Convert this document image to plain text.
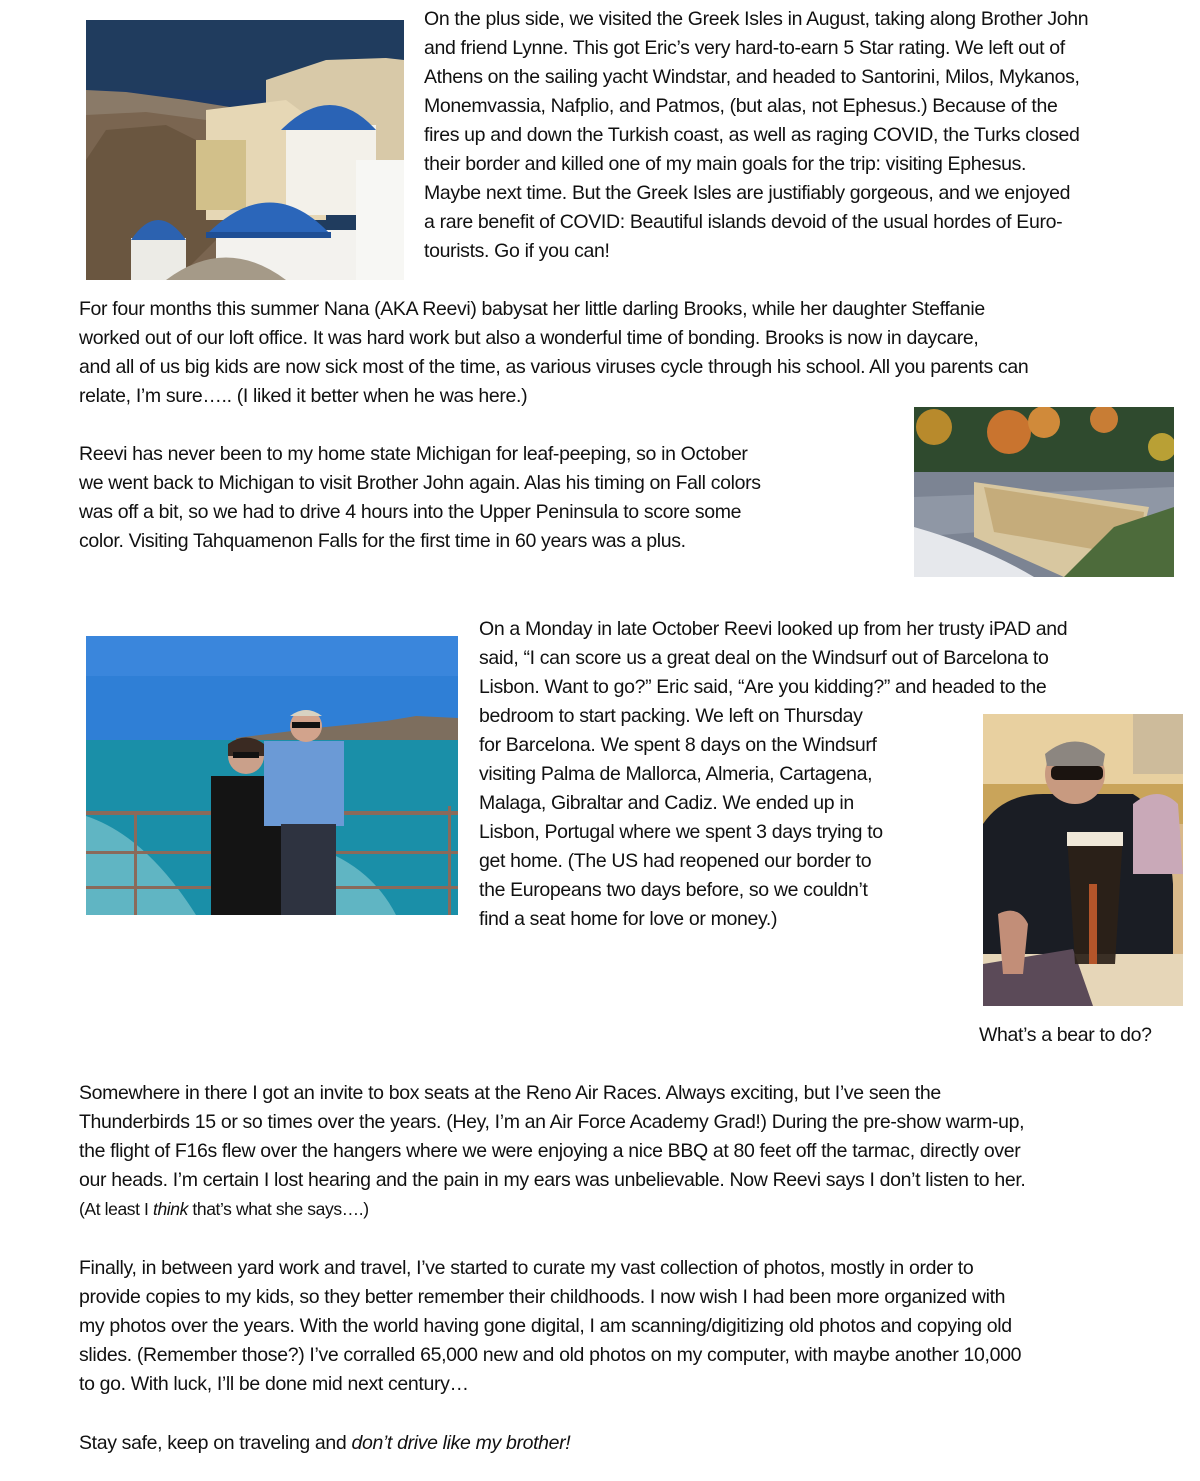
On the plus side, we visited the Greek Isles in August, taking along Brother John
and friend Lynne. This got Eric’s very hard-to-earn 5 Star rating. We left out of
Athens on the sailing yacht Windstar, and headed to Santorini, Milos, Mykanos,
Monemvassia, Nafplio, and Patmos, (but alas, not Ephesus.) Because of the
fires up and down the Turkish coast, as well as raging COVID, the Turks closed
their border and killed one of my main goals for the trip: visiting Ephesus.
Maybe next time. But the Greek Isles are justifiably gorgeous, and we enjoyed
a rare benefit of COVID: Beautiful islands devoid of the usual hordes of Euro-
tourists. Go if you can!
For four months this summer Nana (AKA Reevi) babysat her little darling Brooks, while her daughter Steffanie
worked out of our loft office. It was hard work but also a wonderful time of bonding. Brooks is now in daycare,
and all of us big kids are now sick most of the time, as various viruses cycle through his school. All you parents can
relate, I’m sure….. (I liked it better when he was here.)
Reevi has never been to my home state Michigan for leaf-peeping, so in October
we went back to Michigan to visit Brother John again. Alas his timing on Fall colors
was off a bit, so we had to drive 4 hours into the Upper Peninsula to score some
color. Visiting Tahquamenon Falls for the first time in 60 years was a plus.
On a Monday in late October Reevi looked up from her trusty iPAD and
said, “I can score us a great deal on the Windsurf out of Barcelona to
Lisbon. Want to go?” Eric said, “Are you kidding?” and headed to the
bedroom to start packing. We left on Thursday
for Barcelona. We spent 8 days on the Windsurf
visiting Palma de Mallorca, Almeria, Cartagena,
Malaga, Gibraltar and Cadiz. We ended up in
Lisbon, Portugal where we spent 3 days trying to
get home. (The US had reopened our border to
the Europeans two days before, so we couldn’t
find a seat home for love or money.)
What’s a bear to do?
Somewhere in there I got an invite to box seats at the Reno Air Races. Always exciting, but I’ve seen the
Thunderbirds 15 or so times over the years. (Hey, I’m an Air Force Academy Grad!) During the pre-show warm-up,
the flight of F16s flew over the hangers where we were enjoying a nice BBQ at 80 feet off the tarmac, directly over
our heads. I’m certain I lost hearing and the pain in my ears was unbelievable. Now Reevi says I don’t listen to her.
(At least I think that’s what she says….)
Finally, in between yard work and travel, I’ve started to curate my vast collection of photos, mostly in order to
provide copies to my kids, so they better remember their childhoods. I now wish I had been more organized with
my photos over the years. With the world having gone digital, I am scanning/digitizing old photos and copying old
slides. (Remember those?) I’ve corralled 65,000 new and old photos on my computer, with maybe another 10,000
to go. With luck, I’ll be done mid next century…
Stay safe, keep on traveling and don’t drive like my brother!
